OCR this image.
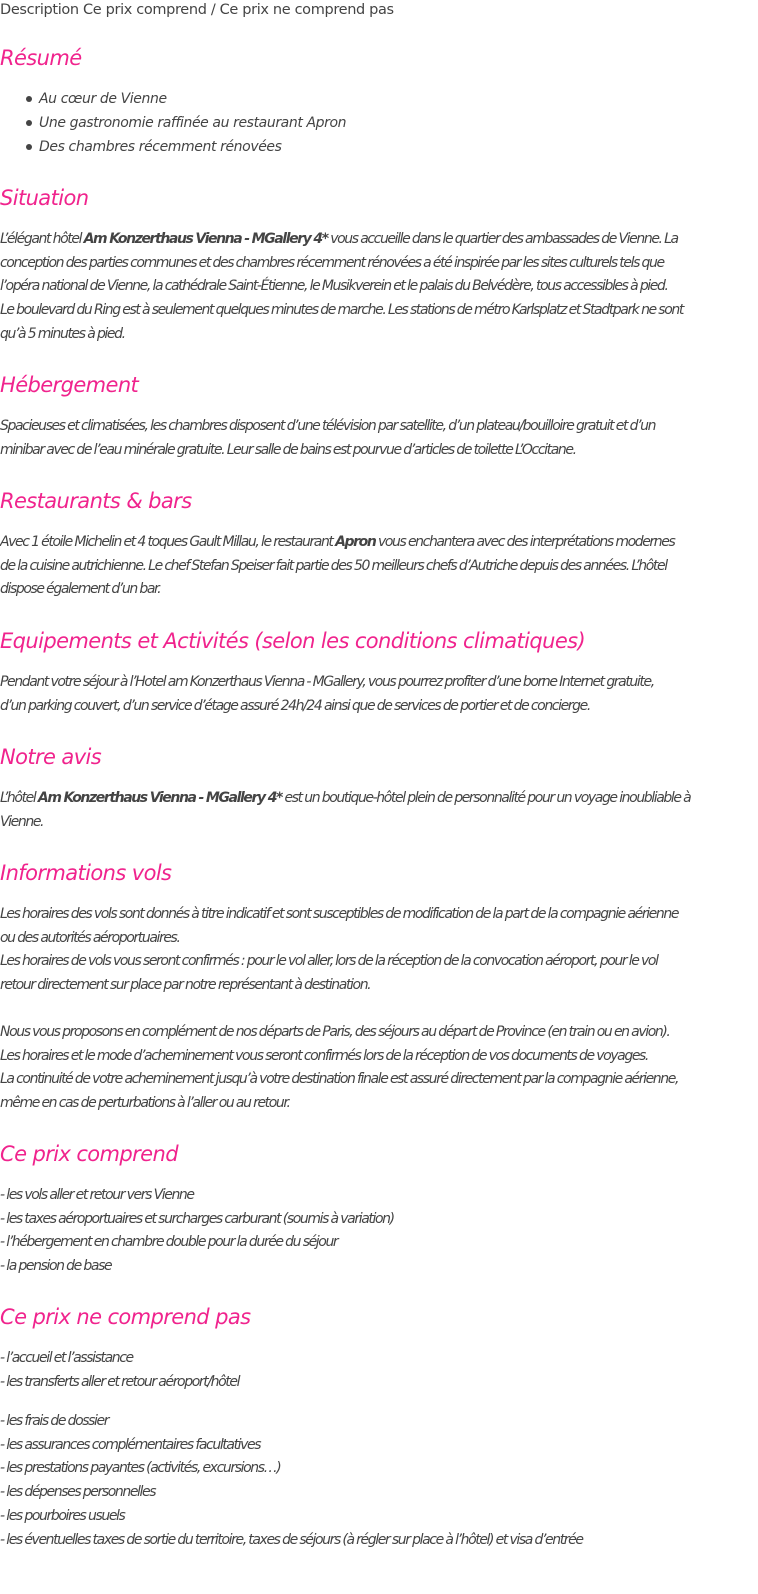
Description Ce prix comprend / Ce prix ne comprend pas
Résumé
Au cœur de Vienne
Une gastronomie raffinée au restaurant Apron
Des chambres récemment rénovées
Situation
L’élégant hôtel Am Konzerthaus Vienna - MGallery 4* vous accueille dans le quartier des ambassades de Vienne. La
conception des parties communes et des chambres récemment rénovées a été inspirée par les sites culturels tels que
l’opéra national de Vienne, la cathédrale Saint-Étienne, le Musikverein et le palais du Belvédère, tous accessibles à pied.
Le boulevard du Ring est à seulement quelques minutes de marche. Les stations de métro Karlsplatz et Stadtpark ne sont
qu’à 5 minutes à pied.
Hébergement
Spacieuses et climatisées, les chambres disposent d’une télévision par satellite, d’un plateau/bouilloire gratuit et d’un
minibar avec de l’eau minérale gratuite. Leur salle de bains est pourvue d’articles de toilette L’Occitane.
Restaurants & bars
Avec 1 étoile Michelin et 4 toques Gault Millau, le restaurant Apron vous enchantera avec des interprétations modernes
de la cuisine autrichienne. Le chef Stefan Speiser fait partie des 50 meilleurs chefs d’Autriche depuis des années. L’hôtel
dispose également d’un bar.
Equipements et Activités (selon les conditions climatiques)
Pendant votre séjour à l’Hotel am Konzerthaus Vienna - MGallery, vous pourrez profiter d’une borne Internet gratuite,
d’un parking couvert, d’un service d’étage assuré 24h/24 ainsi que de services de portier et de concierge.
Notre avis
L’hôtel Am Konzerthaus Vienna - MGallery 4* est un boutique-hôtel plein de personnalité pour un voyage inoubliable à
Vienne.
Informations vols
Les horaires des vols sont donnés à titre indicatif et sont susceptibles de modification de la part de la compagnie aérienne
ou des autorités aéroportuaires.
Les horaires de vols vous seront confirmés : pour le vol aller, lors de la réception de la convocation aéroport, pour le vol
retour directement sur place par notre représentant à destination.
Nous vous proposons en complément de nos départs de Paris, des séjours au départ de Province (en train ou en avion).
Les horaires et le mode d’acheminement vous seront confirmés lors de la réception de vos documents de voyages.
La continuité de votre acheminement jusqu’à votre destination finale est assuré directement par la compagnie aérienne,
même en cas de perturbations à l’aller ou au retour.
Ce prix comprend
- les vols aller et retour vers Vienne
- les taxes aéroportuaires et surcharges carburant (soumis à variation)
- l’hébergement en chambre double pour la durée du séjour
- la pension de base
Ce prix ne comprend pas
- l’accueil et l’assistance
- les transferts aller et retour aéroport/hôtel
- les frais de dossier
- les assurances complémentaires facultatives
- les prestations payantes (activités, excursions…)
- les dépenses personnelles
- les pourboires usuels
- les éventuelles taxes de sortie du territoire, taxes de séjours (à régler sur place à l’hôtel) et visa d’entrée
